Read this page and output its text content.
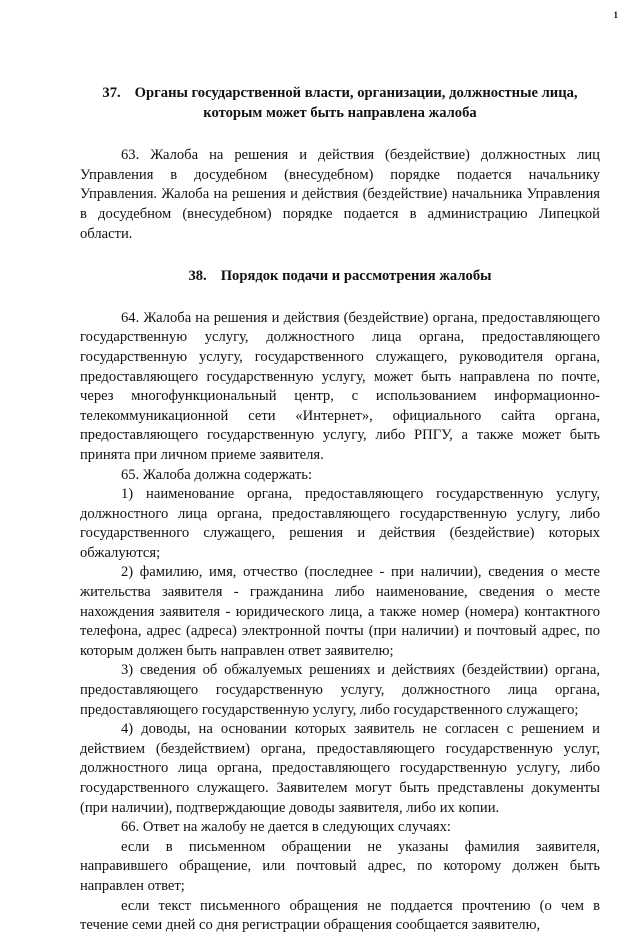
1
37. Органы государственной власти, организации, должностные лица,
которым может быть направлена жалоба

63. Жалоба на решения и действия (бездействие) должностных лиц Управления в досудебном (внесудебном) порядке подается начальнику Управления. Жалоба на решения и действия (бездействие) начальника Управления в досудебном (внесудебном) порядке подается в администрацию Липецкой области.

38. Порядок подачи и рассмотрения жалобы

64. Жалоба на решения и действия (бездействие) органа, предоставляющего государственную услугу, должностного лица органа, предоставляющего государственную услугу, государственного служащего, руководителя органа, предоставляющего государственную услугу, может быть направлена по почте, через многофункциональный центр, с использованием информационно-телекоммуникационной сети «Интернет», официального сайта органа, предоставляющего государственную услугу, либо РПГУ, а также может быть принята при личном приеме заявителя.

65. Жалоба должна содержать:

1) наименование органа, предоставляющего государственную услугу, должностного лица органа, предоставляющего государственную услугу, либо государственного служащего, решения и действия (бездействие) которых обжалуются;

2) фамилию, имя, отчество (последнее - при наличии), сведения о месте жительства заявителя - гражданина либо наименование, сведения о месте нахождения заявителя - юридического лица, а также номер (номера) контактного телефона, адрес (адреса) электронной почты (при наличии) и почтовый адрес, по которым должен быть направлен ответ заявителю;

3) сведения об обжалуемых решениях и действиях (бездействии) органа, предоставляющего государственную услугу, должностного лица органа, предоставляющего государственную услугу, либо государственного служащего;

4) доводы, на основании которых заявитель не согласен с решением и действием (бездействием) органа, предоставляющего государственную услуг, должностного лица органа, предоставляющего государственную услугу, либо государственного служащего. Заявителем могут быть представлены документы (при наличии), подтверждающие доводы заявителя, либо их копии.

66. Ответ на жалобу не дается в следующих случаях:

если в письменном обращении не указаны фамилия заявителя, направившего обращение, или почтовый адрес, по которому должен быть направлен ответ;

если текст письменного обращения не поддается прочтению (о чем в течение семи дней со дня регистрации обращения сообщается заявителю,
